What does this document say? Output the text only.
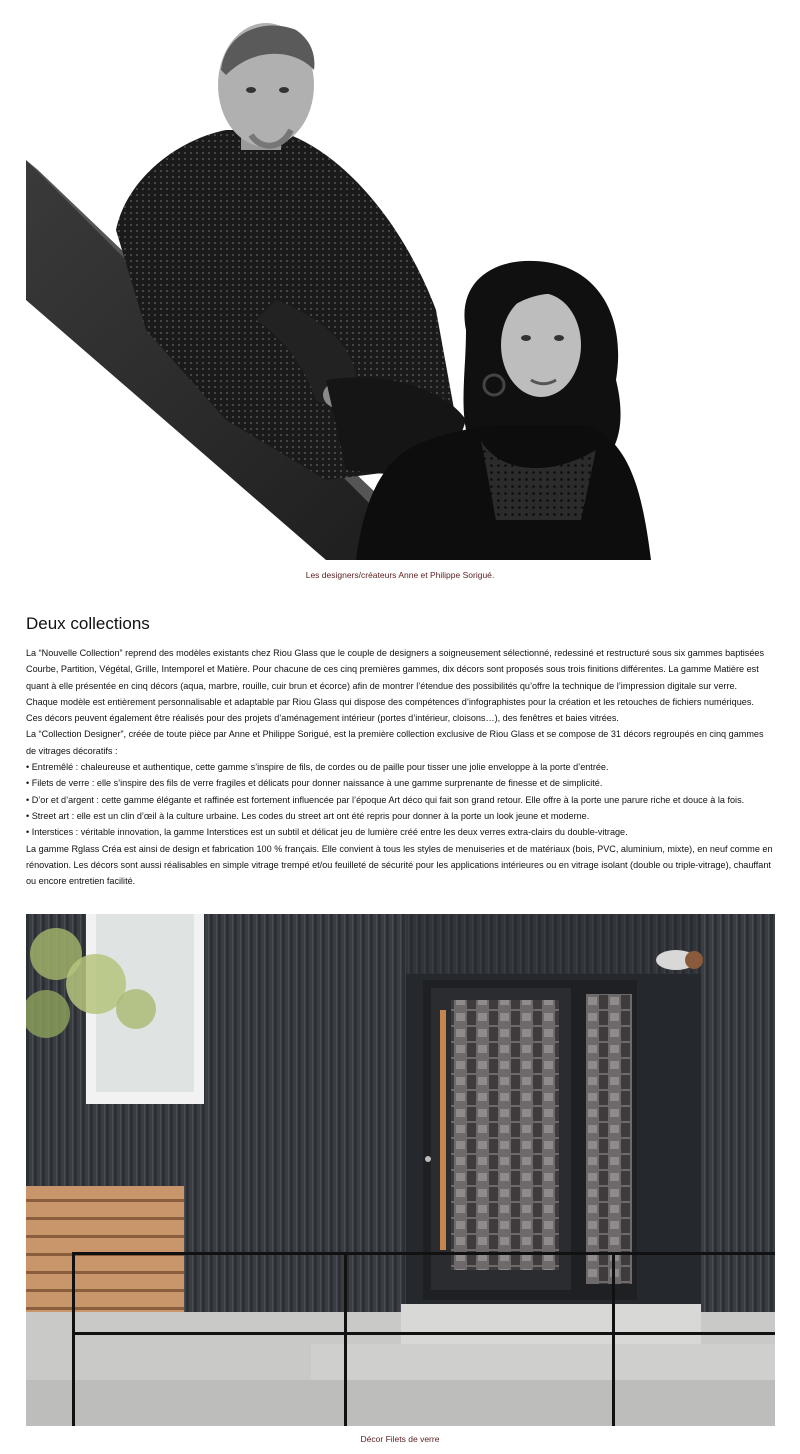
Les designers/créateurs Anne et Philippe Sorigué.
Deux collections

La “Nouvelle Collection” reprend des modèles existants chez Riou Glass que le couple de designers a soigneusement sélectionné, redessiné et restructuré sous six gammes baptisées Courbe, Partition, Végétal, Grille, Intemporel et Matière. Pour chacune de ces cinq premières gammes, dix décors sont proposés sous trois finitions différentes. La gamme Matière est quant à elle présentée en cinq décors (aqua, marbre, rouille, cuir brun et écorce) afin de montrer l’étendue des possibilités qu’offre la technique de l’impression digitale sur verre.

Chaque modèle est entièrement personnalisable et adaptable par Riou Glass qui dispose des compétences d’infographistes pour la création et les retouches de fichiers numériques.

Ces décors peuvent également être réalisés pour des projets d’aménagement intérieur (portes d’intérieur, cloisons…), des fenêtres et baies vitrées.

La “Collection Designer”, créée de toute pièce par Anne et Philippe Sorigué, est la première collection exclusive de Riou Glass et se compose de 31 décors regroupés en cinq gammes de vitrages décoratifs :

• Entremêlé : chaleureuse et authentique, cette gamme s’inspire de fils, de cordes ou de paille pour tisser une jolie enveloppe à la porte d’entrée.

• Filets de verre : elle s’inspire des fils de verre fragiles et délicats pour donner naissance à une gamme surprenante de finesse et de simplicité.

• D’or et d’argent : cette gamme élégante et raffinée est fortement influencée par l’époque Art déco qui fait son grand retour. Elle offre à la porte une parure riche et douce à la fois.

• Street art : elle est un clin d’œil à la culture urbaine. Les codes du street art ont été repris pour donner à la porte un look jeune et moderne.

• Interstices : véritable innovation, la gamme Interstices est un subtil et délicat jeu de lumière créé entre les deux verres extra-clairs du double-vitrage.

La gamme Rglass Créa est ainsi de design et fabrication 100 % français. Elle convient à tous les styles de menuiseries et de matériaux (bois, PVC, aluminium, mixte), en neuf comme en rénovation. Les décors sont aussi réalisables en simple vitrage trempé et/ou feuilleté de sécurité pour les applications intérieures ou en vitrage isolant (double ou triple-vitrage), chauffant ou encore entretien facilité.

Décor Filets de verre
